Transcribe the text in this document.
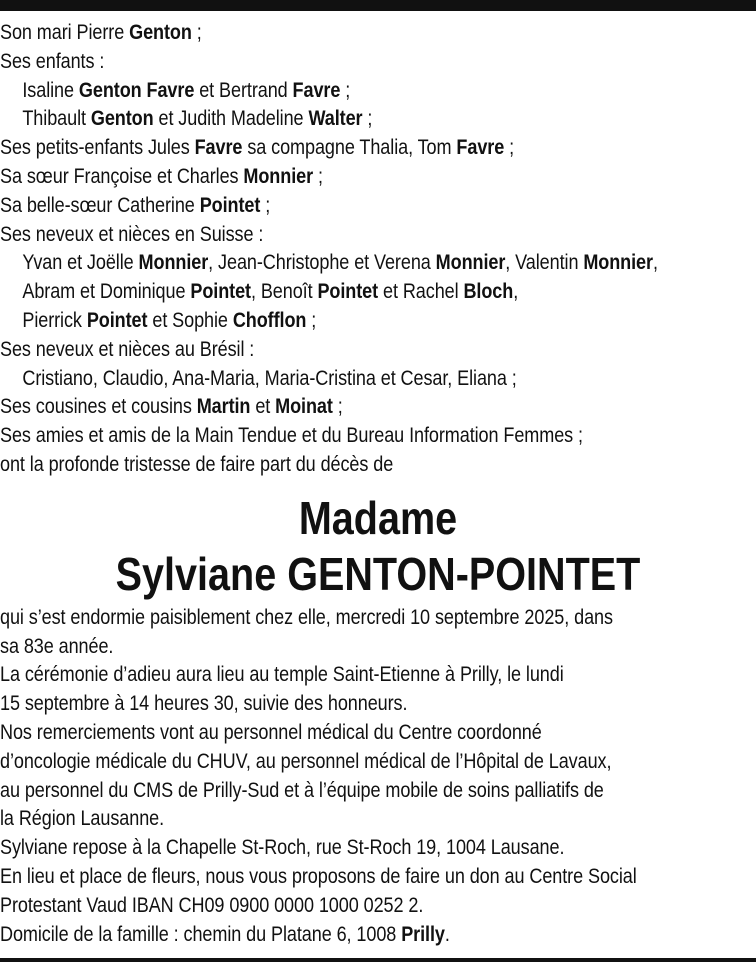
Son mari Pierre Genton ;
Ses enfants :
Isaline Genton Favre et Bertrand Favre ;
Thibault Genton et Judith Madeline Walter ;
Ses petits-enfants Jules Favre sa compagne Thalia, Tom Favre ;
Sa sœur Françoise et Charles Monnier ;
Sa belle-sœur Catherine Pointet ;
Ses neveux et nièces en Suisse :
Yvan et Joëlle Monnier, Jean-Christophe et Verena Monnier, Valentin Monnier,
Abram et Dominique Pointet, Benoît Pointet et Rachel Bloch,
Pierrick Pointet et Sophie Chofflon ;
Ses neveux et nièces au Brésil :
Cristiano, Claudio, Ana-Maria, Maria-Cristina et Cesar, Eliana ;
Ses cousines et cousins Martin et Moinat ;
Ses amies et amis de la Main Tendue et du Bureau Information Femmes ;
ont la profonde tristesse de faire part du décès de
Madame
Sylviane GENTON-POINTET
qui s’est endormie paisiblement chez elle, mercredi 10 septembre 2025, dans
sa 83e année.
La cérémonie d’adieu aura lieu au temple Saint-Etienne à Prilly, le lundi
15 septembre à 14 heures 30, suivie des honneurs.
Nos remerciements vont au personnel médical du Centre coordonné
d’oncologie médicale du CHUV, au personnel médical de l’Hôpital de Lavaux,
au personnel du CMS de Prilly-Sud et à l’équipe mobile de soins palliatifs de
la Région Lausanne.
Sylviane repose à la Chapelle St-Roch, rue St-Roch 19, 1004 Lausane.
En lieu et place de fleurs, nous vous proposons de faire un don au Centre Social
Protestant Vaud IBAN CH09 0900 0000 1000 0252 2.
Domicile de la famille : chemin du Platane 6, 1008 Prilly.
